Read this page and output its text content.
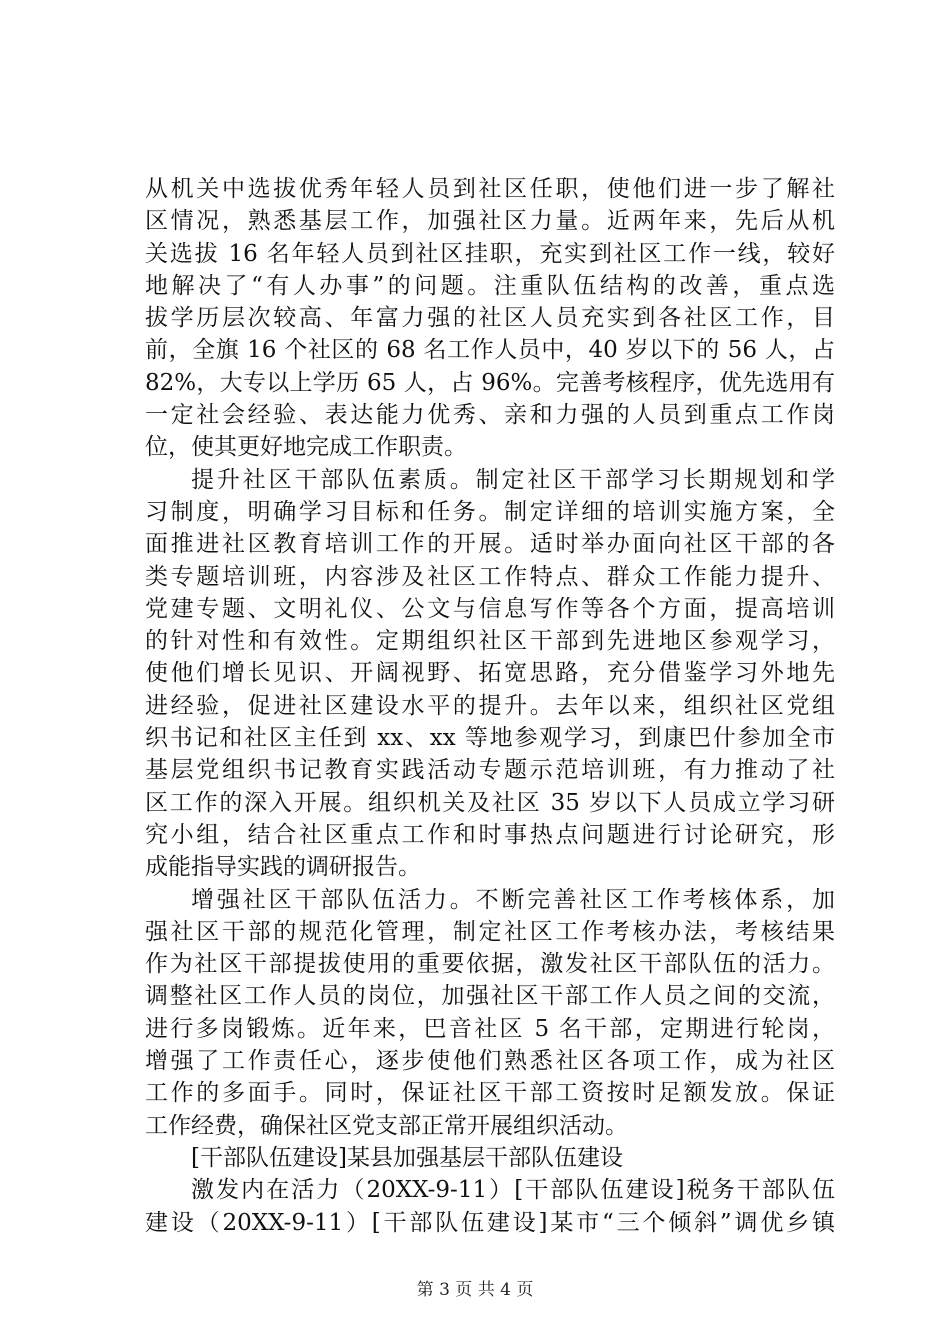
从机关中选拔优秀年轻人员到社区任职，使他们进一步了解社
区情况，熟悉基层工作，加强社区力量。近两年来，先后从机
关选拔 16 名年轻人员到社区挂职，充实到社区工作一线，较好
地解决了“有人办事”的问题。注重队伍结构的改善，重点选
拔学历层次较高、年富力强的社区人员充实到各社区工作，目
前，全旗 16 个社区的 68 名工作人员中，40 岁以下的 56 人，占
82%，大专以上学历 65 人，占 96%。完善考核程序，优先选用有
一定社会经验、表达能力优秀、亲和力强的人员到重点工作岗
位，使其更好地完成工作职责。
提升社区干部队伍素质。制定社区干部学习长期规划和学
习制度，明确学习目标和任务。制定详细的培训实施方案，全
面推进社区教育培训工作的开展。适时举办面向社区干部的各
类专题培训班，内容涉及社区工作特点、群众工作能力提升、
党建专题、文明礼仪、公文与信息写作等各个方面，提高培训
的针对性和有效性。定期组织社区干部到先进地区参观学习，
使他们增长见识、开阔视野、拓宽思路，充分借鉴学习外地先
进经验，促进社区建设水平的提升。去年以来，组织社区党组
织书记和社区主任到 xx、xx 等地参观学习，到康巴什参加全市
基层党组织书记教育实践活动专题示范培训班，有力推动了社
区工作的深入开展。组织机关及社区 35 岁以下人员成立学习研
究小组，结合社区重点工作和时事热点问题进行讨论研究，形
成能指导实践的调研报告。
增强社区干部队伍活力。不断完善社区工作考核体系，加
强社区干部的规范化管理，制定社区工作考核办法，考核结果
作为社区干部提拔使用的重要依据，激发社区干部队伍的活力。
调整社区工作人员的岗位，加强社区干部工作人员之间的交流，
进行多岗锻炼。近年来，巴音社区 5 名干部，定期进行轮岗，
增强了工作责任心，逐步使他们熟悉社区各项工作，成为社区
工作的多面手。同时，保证社区干部工资按时足额发放。保证
工作经费，确保社区党支部正常开展组织活动。
[干部队伍建设]某县加强基层干部队伍建设
激发内在活力（20XX-9-11）[干部队伍建设]税务干部队伍
建设（20XX-9-11）[干部队伍建设]某市“三个倾斜”调优乡镇
第 3 页 共 4 页
